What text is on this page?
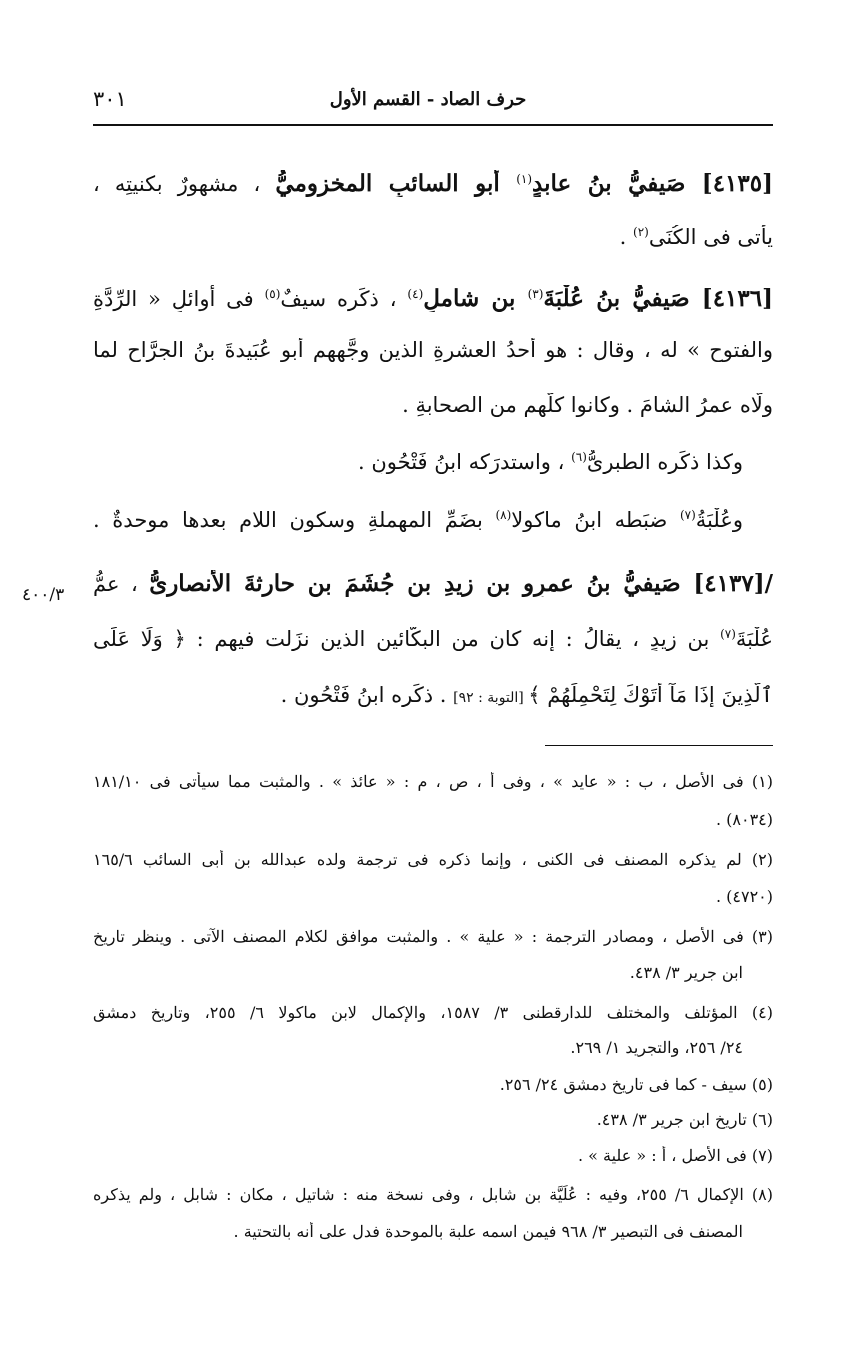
٣٠١	حرف الصاد - القسم الأول
[٤١٣٥] صَيفيُّ بنُ عابدٍ$^{(١)}$ أبو السائبِ المخزوميُّ ، مشهورٌ بكنيتِه ،
يأتى فى الكُنَى$^{(٢)}$ .
[٤١٣٦] صَيفيُّ بنُ عُلْبَةَ$^{(٣)}$ بنِ شاملٍ$^{(٤)}$ ، ذكَره سيفٌ$^{(٥)}$ فى أوائلِ « الرِّدَّةِ
والفتوحِ » له ، وقال : هو أحدُ العشرةِ الذين وجَّههم أبو عُبَيدةَ بنُ الجرَّاحِ لما
ولَّاه عمرُ الشامَ . وكانوا كلُّهم من الصحابةِ .
وكذا ذكَره الطبرىُّ$^{(٦)}$ ، واستدرَكه ابنُ فَتْحُونٍ .
وعُلْبَةُ$^{(٧)}$ ضبَطه ابنُ ماكولا$^{(٨)}$ بضَمِّ المهملةِ وسكونِ اللامِ بعدها موحدةٌ .
٤٠٠/٣	/[٤١٣٧] صَيفيُّ بنُ عمرِو بنِ زيدِ بنِ جُشَمَ بنِ حارثةَ الأنصارىُّ ، عمُّ
عُلْبَةَ$^{(٧)}$ بنِ زيدٍ ، يقالُ : إنه كان من البكّائين الذين نزَلت فيهم : ﴿ وَلَا عَلَى
ٱلَّذِينَ إِذَا مَآ أَتَوْكَ لِتَحْمِلَهُمْ ﴾ [التوبة : ٩٢] . ذكَره ابنُ فَتْحُونٍ .
(١) فى الأصل ، ب : « عايد » ، وفى أ ، ص ، م : « عائذ » . والمثبت مما سيأتى فى ١٨١/١٠
(٨٠٣٤) .
(٢) لم يذكره المصنف فى الكنى ، وإنما ذكره فى ترجمة ولده عبدالله بن أبى السائب ١٦٥/٦
(٤٧٢٠) .
(٣) فى الأصل ، ومصادر الترجمة : « علية » . والمثبت موافق لكلام المصنف الآتى . وينظر تاريخ
ابن جرير ٣/ ٤٣٨.
(٤) المؤتلف والمختلف للدارقطنى ٣/ ١٥٨٧، والإكمال لابن ماكولا ٦/ ٢٥٥، وتاريخ دمشق
٢٤/ ٢٥٦، والتجريد ١/ ٢٦٩.
(٥) سيف - كما فى تاريخ دمشق ٢٤/ ٢٥٦.
(٦) تاريخ ابن جرير ٣/ ٤٣٨.
(٧) فى الأصل ، أ : « علية » .
(٨) الإكمال ٦/ ٢٥٥، وفيه : عُلَيَّة بن شابل ، وفى نسخة منه : شاتيل ، مكان : شابل ، ولم يذكره
المصنف فى التبصير ٣/ ٩٦٨ فيمن اسمه علبة بالموحدة فدل على أنه بالتحتية .
